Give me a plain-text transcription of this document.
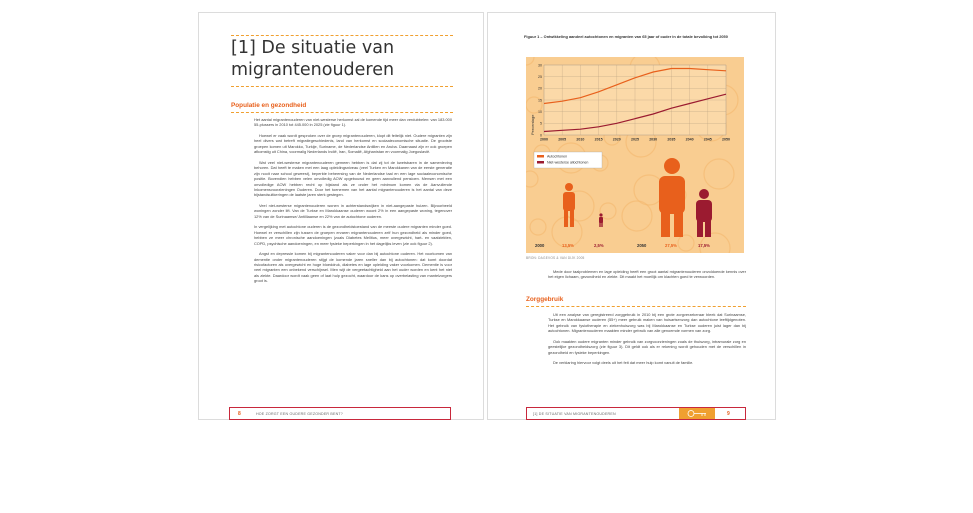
[1] De situatie van
migrantenouderen
Populatie en gezondheid

Het aantal migrantenouderen van niet-westerse herkomst zal de komende tijd meer dan verdubbelen: van 183.000 55-plussers in 2010 tot 445.000 in 2025 (zie figuur 1).

Hoewel er vaak wordt gesproken over de groep migrantenouderen, klopt dit feitelijk niet. Oudere migranten zijn heel divers wat betreft migratiegeschiedenis, land van herkomst en sociaaleconomische situatie. De grootste groepen komen uit Marokko, Turkije, Suriname, de Nederlandse Antillen en Aruba. Daarnaast zijn er ook groepen afkomstig uit China, voormalig Nederlands Indië, Iran, Somalië, Afghanistan en voormalig Joegoslavië.

Wat veel niet-westerse migrantenouderen gemeen hebben is dat zij tot de kwetsbaren in de samenleving behoren. Dat heeft te maken met een laag opleidingsniveau (veel Turken en Marokkanen van de eerste generatie zijn nooit naar school geweest), beperkte beheersing van de Nederlandse taal en een lage sociaaleconomische positie. Bovendien hebben velen onvolledig AOW opgebouwd en geen aanvullend pensioen. Mensen met een onvolledige AOW hebben recht op bijstand als ze onder het minimum komen via de Aanvullende Inkomensvoorzieningen Ouderen. Door het toenemen van het aantal migrantenouderen is het aantal van deze bijstandsuitkeringen de laatste jaren sterk gestegen.

Veel niet-westerse migrantenouderen wonen in achterstandswijken in niet-aangepaste huizen. Bijvoorbeeld woningen zonder lift. Van de Turkse en Marokkaanse ouderen woont 2% in een aangepaste woning, tegenover 12% van de Surinaamse/ Antilliaanse en 22% van de autochtone ouderen.

In vergelijking met autochtone ouderen is de gezondheidstoestand van de meeste oudere migranten minder goed. Hoewel er verschillen zijn tussen de groepen ervaren migrantenouderen zelf hun gezondheid als minder goed, hebben ze meer chronische aandoeningen (zoals Diabetes Mellitus, meer overgewicht, hart- en vaatziekten, COPD, psychische aandoeningen, en meer fysieke beperkingen in het dagelijks leven (zie ook figuur 2).

Angst en depressie komen bij migrantenouderen vaker voor dan bij autochtone ouderen. Het voorkomen van dementie onder migrantenouderen stijgt de komende jaren sneller dan bij autochtonen: dat komt doordat risicofactoren als overgewicht en hoge bloeddruk, diabetes en lage opleiding vaker voorkomen. Dementie is voor veel migranten een onbekend verschijnsel. Men wijt de vergeetachtigheid aan het ouder worden en kent het niet als ziekte. Daardoor wordt vaak geen of laat hulp gezocht, waardoor de kans op overbelasting van mantelzorgers groot is.

8	HOE ZORGT EEN OUDERE GEZONDER BENT?
Figuur 1 – Ontwikkeling aandeel autochtonen en migranten van 65 jaar of ouder in de totale bevolking tot 2050
0
5
10
15
20
25
30
2000	2005	2010	2015	2020	2025	2030	2035	2040	2045	2050
Percentage
Autochtonen
Niet-westerse allochtonen
2000	13,5%	2,5%	2050	27,5%	17,5%
BRON: DAGEVOS & VAN DIJK 2005

Mede door taalproblemen en lage opleiding heeft een groot aantal migrantenouderen onvoldoende kennis over het eigen lichaam, gezondheid en ziekte. Dit maakt het moeilijk om klachten goed te verwoorden.

Zorggebruik

Uit een analyse van geregistreerd zorggebruik in 2010 bij een grote zorgverzekeraar bleek dat Surinaamse, Turkse en Marokkaanse ouderen (55+) meer gebruik maken van huisartsenzorg dan autochtone leeftijdgenoten. Het gebruik van fysiotherapie en ziekenhuiszorg was bij Marokkaanse en Turkse ouderen juist lager dan bij autochtonen. Migrantenouderen maakten minder gebruik van alle genoemde vormen van zorg.

Ook maakten oudere migranten minder gebruik van zorgvoorzieningen zoals de thuiszorg, intramurale zorg en geestelijke gezondheidszorg (zie figuur 3). Dit geldt ook als er rekening wordt gehouden met de verschillen in gezondheid en fysieke beperkingen.

De verklaring hiervoor volgt deels uit het feit dat meer hulp komt vanuit de familie.

[1] DE SITUATIE VAN MIGRANTENOUDEREN	9
